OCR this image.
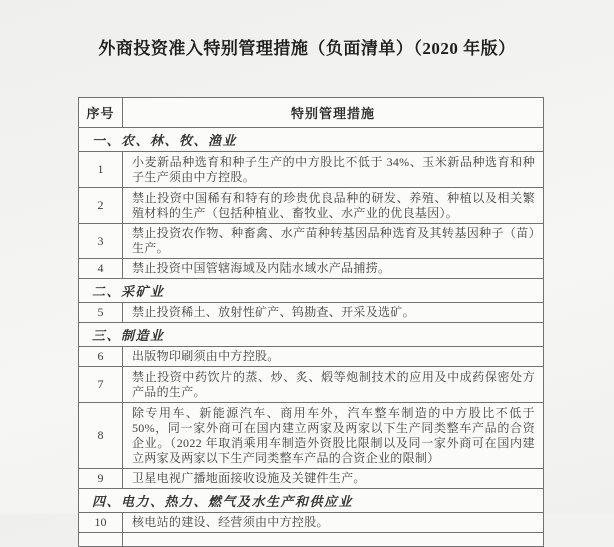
外商投资准入特别管理措施（负面清单）（2020 年版）
序号	特别管理措施
一、农、林、牧、渔业	
1	小麦新品种选育和种子生产的中方股比不低于 34%、玉米新品种选育和种子生产须由中方控股。
2	禁止投资中国稀有和特有的珍贵优良品种的研发、养殖、种植以及相关繁殖材料的生产（包括种植业、畜牧业、水产业的优良基因）。
3	禁止投资农作物、种畜禽、水产苗种转基因品种选育及其转基因种子（苗）生产。
4	禁止投资中国管辖海域及内陆水域水产品捕捞。
二、采矿业	
5	禁止投资稀土、放射性矿产、钨勘查、开采及选矿。
三、制造业	
6	出版物印刷须由中方控股。
7	禁止投资中药饮片的蒸、炒、炙、煅等炮制技术的应用及中成药保密处方产品的生产。
8	除专用车、新能源汽车、商用车外，汽车整车制造的中方股比不低于 50%，同一家外商可在国内建立两家及两家以下生产同类整车产品的合资企业。（2022 年取消乘用车制造外资股比限制以及同一家外商可在国内建立两家及两家以下生产同类整车产品的合资企业的限制）
9	卫星电视广播地面接收设施及关键件生产。
四、电力、热力、燃气及水生产和供应业	
10	核电站的建设、经营须由中方控股。
